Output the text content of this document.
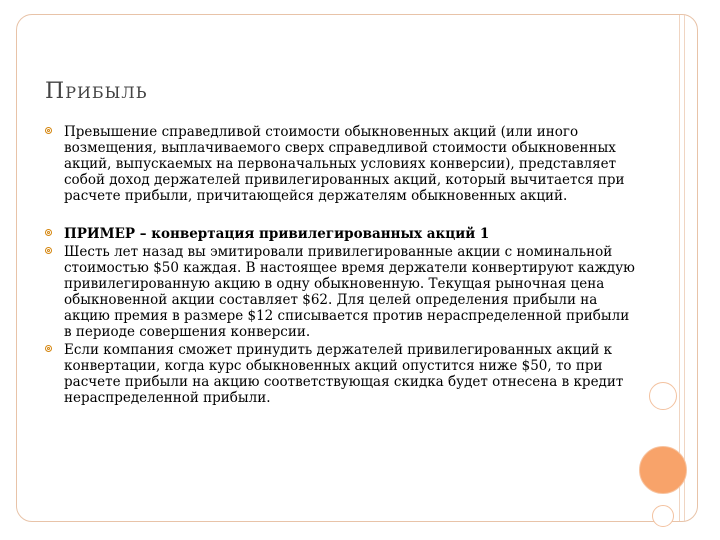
ПРИБЫЛЬ

Превышение справедливой стоимости обыкновенных акций (или иного возмещения, выплачиваемого сверх справедливой стоимости обыкновенных акций, выпускаемых на первоначальных условиях конверсии), представляет собой доход держателей привилегированных акций, который вычитается при расчете прибыли, причитающейся держателям обыкновенных акций.

ПРИМЕР – конвертация привилегированных акций 1

Шесть лет назад вы эмитировали привилегированные акции с номинальной стоимостью $50 каждая. В настоящее время держатели конвертируют каждую привилегированную акцию в одну обыкновенную. Текущая рыночная цена обыкновенной акции составляет $62. Для целей определения прибыли на акцию премия в размере $12 списывается против нераспределенной прибыли в периоде совершения конверсии.

Если компания сможет принудить держателей привилегированных акций к конвертации, когда курс обыкновенных акций опустится ниже $50, то при расчете прибыли на акцию соответствующая скидка будет отнесена в кредит нераспределенной прибыли.
